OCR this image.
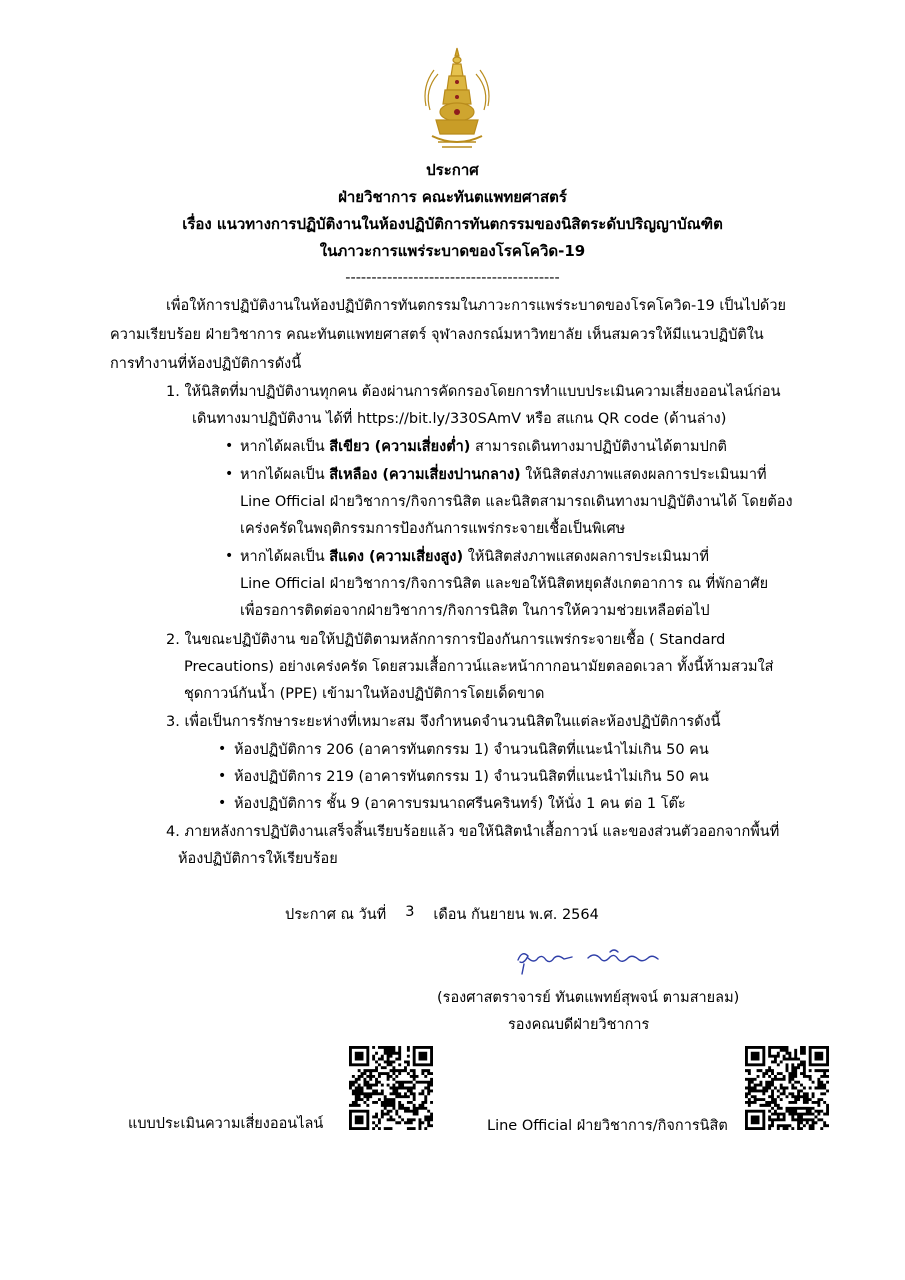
ประกาศ
ฝ่ายวิชาการ คณะทันตแพทยศาสตร์
เรื่อง แนวทางการปฏิบัติงานในห้องปฏิบัติการทันตกรรมของนิสิตระดับปริญญาบัณฑิต
ในภาวะการแพร่ระบาดของโรคโควิด-19
-----------------------------------------
เพื่อให้การปฏิบัติงานในห้องปฏิบัติการทันตกรรมในภาวะการแพร่ระบาดของโรคโควิด-19 เป็นไปด้วย
ความเรียบร้อย ฝ่ายวิชาการ คณะทันตแพทยศาสตร์ จุฬาลงกรณ์มหาวิทยาลัย เห็นสมควรให้มีแนวปฏิบัติใน
การทำงานที่ห้องปฏิบัติการดังนี้
1. ให้นิสิตที่มาปฏิบัติงานทุกคน ต้องผ่านการคัดกรองโดยการทำแบบประเมินความเสี่ยงออนไลน์ก่อน
เดินทางมาปฏิบัติงาน ได้ที่ https://bit.ly/330SAmV หรือ สแกน QR code (ด้านล่าง)
• หากได้ผลเป็น สีเขียว (ความเสี่ยงต่ำ) สามารถเดินทางมาปฏิบัติงานได้ตามปกติ
• หากได้ผลเป็น สีเหลือง (ความเสี่ยงปานกลาง) ให้นิสิตส่งภาพแสดงผลการประเมินมาที่
Line Official ฝ่ายวิชาการ/กิจการนิสิต และนิสิตสามารถเดินทางมาปฏิบัติงานได้ โดยต้อง
เคร่งครัดในพฤติกรรมการป้องกันการแพร่กระจายเชื้อเป็นพิเศษ
• หากได้ผลเป็น สีแดง (ความเสี่ยงสูง) ให้นิสิตส่งภาพแสดงผลการประเมินมาที่
Line Official ฝ่ายวิชาการ/กิจการนิสิต และขอให้นิสิตหยุดสังเกตอาการ ณ ที่พักอาศัย
เพื่อรอการติดต่อจากฝ่ายวิชาการ/กิจการนิสิต ในการให้ความช่วยเหลือต่อไป
2. ในขณะปฏิบัติงาน ขอให้ปฏิบัติตามหลักการการป้องกันการแพร่กระจายเชื้อ ( Standard
Precautions) อย่างเคร่งครัด โดยสวมเสื้อกาวน์และหน้ากากอนามัยตลอดเวลา ทั้งนี้ห้ามสวมใส่
ชุดกาวน์กันน้ำ (PPE) เข้ามาในห้องปฏิบัติการโดยเด็ดขาด
3. เพื่อเป็นการรักษาระยะห่างที่เหมาะสม จึงกำหนดจำนวนนิสิตในแต่ละห้องปฏิบัติการดังนี้
• ห้องปฏิบัติการ 206 (อาคารทันตกรรม 1) จำนวนนิสิตที่แนะนำไม่เกิน 50 คน
• ห้องปฏิบัติการ 219 (อาคารทันตกรรม 1) จำนวนนิสิตที่แนะนำไม่เกิน 50 คน
• ห้องปฏิบัติการ ชั้น 9 (อาคารบรมนาถศรีนครินทร์) ให้นั่ง 1 คน ต่อ 1 โต๊ะ
4. ภายหลังการปฏิบัติงานเสร็จสิ้นเรียบร้อยแล้ว ขอให้นิสิตนำเสื้อกาวน์ และของส่วนตัวออกจากพื้นที่
ห้องปฏิบัติการให้เรียบร้อย
ประกาศ ณ วันที่ 3 เดือน กันยายน พ.ศ. 2564
(รองศาสตราจารย์ ทันตแพทย์สุพจน์ ตามสายลม)
รองคณบดีฝ่ายวิชาการ
แบบประเมินความเสี่ยงออนไลน์	Line Official ฝ่ายวิชาการ/กิจการนิสิต
